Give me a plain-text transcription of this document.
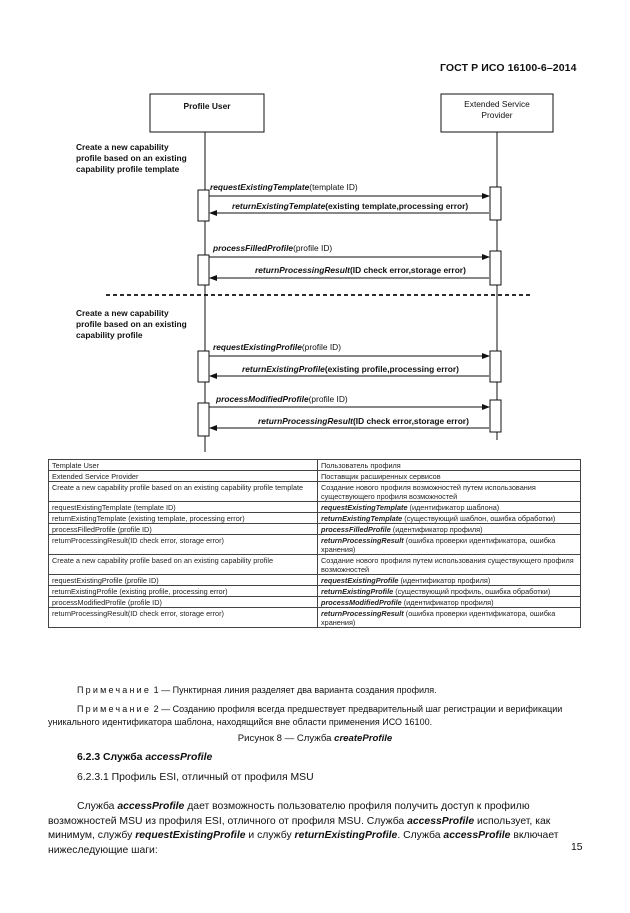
ГОСТ Р ИСО 16100-6–2014
Profile User	Extended Service
Provider
Create a new capability
profile based on an existing
capability profile template
Create a new capability
profile based on an existing
capability profile
requestExistingTemplate(template ID)
returnExistingTemplate(existing template,processing error)
processFilledProfile(profile ID)
returnProcessingResult(ID check error,storage error)
requestExistingProfile(profile ID)
returnExistingProfile(existing profile,processing error)
processModifiedProfile(profile ID)
returnProcessingResult(ID check error,storage error)
Template User	Пользователь профиля
Extended Service Provider	Поставщик расширенных сервисов
Create a new capability profile based on an existing capability profile template	Создание нового профиля возможностей путем использования существующего профиля возможностей
requestExistingTemplate (template ID)	requestExistingTemplate (идентификатор шаблона)
returnExistingTemplate (existing template, processing error)	returnExistingTemplate (существующий шаблон, ошибка обработки)
processFilledProfile (profile ID)	processFilledProfile (идентификатор профиля)
returnProcessingResult(ID check error, storage error)	returnProcessingResult (ошибка проверки идентификатора, ошибка хранения)
Create a new capability profile based on an existing capability profile	Создание нового профиля путем использования существующего профиля возможностей
requestExistingProfile (profile ID)	requestExistingProfile (идентификатор профиля)
returnExistingProfile (existing profile, processing error)	returnExistingProfile (существующий профиль, ошибка обработки)
processModifiedProfile (profile ID)	processModifiedProfile (идентификатор профиля)
returnProcessingResult(ID check error, storage error)	returnProcessingResult (ошибка проверки идентификатора, ошибка хранения)
Примечание 1 — Пунктирная линия разделяет два варианта создания профиля.
Примечание 2 — Созданию профиля всегда предшествует предварительный шаг регистрации и верификации уникального идентификатора шаблона, находящийся вне области применения ИСО 16100.
Рисунок 8 — Служба createProfile
6.2.3 Служба accessProfile
6.2.3.1 Профиль ESI, отличный от профиля MSU
Служба accessProfile дает возможность пользователю профиля получить доступ к профилю возможностей MSU из профиля ESI, отличного от профиля MSU. Служба accessProfile использует, как минимум, службу requestExistingProfile и службу returnExistingProfile. Служба accessProfile включает нижеследующие шаги:	15
